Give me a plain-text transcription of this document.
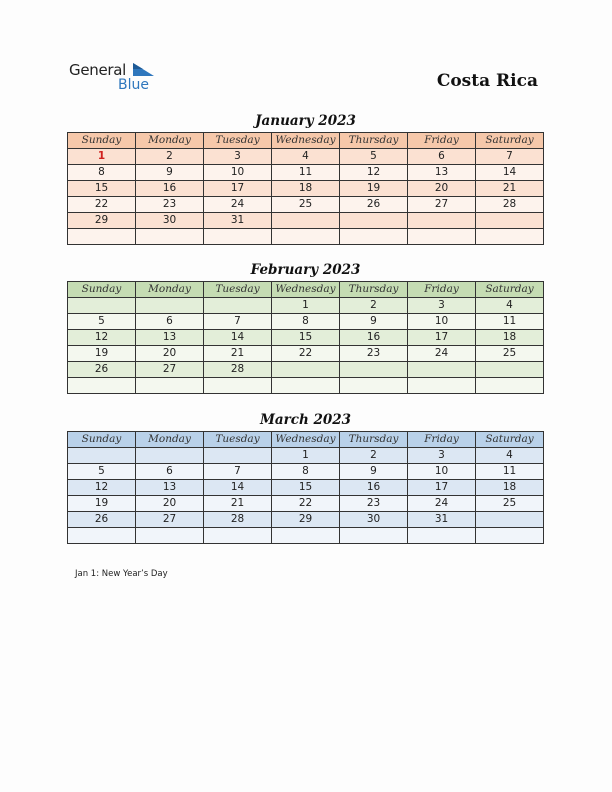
General
Blue	Costa Rica
January 2023
Sunday	Monday	Tuesday	Wednesday	Thursday	Friday	Saturday
1	2	3	4	5	6	7
8	9	10	11	12	13	14
15	16	17	18	19	20	21
22	23	24	25	26	27	28
29	30	31				

February 2023
Sunday	Monday	Tuesday	Wednesday	Thursday	Friday	Saturday
			1	2	3	4
5	6	7	8	9	10	11
12	13	14	15	16	17	18
19	20	21	22	23	24	25
26	27	28				

March 2023
Sunday	Monday	Tuesday	Wednesday	Thursday	Friday	Saturday
			1	2	3	4
5	6	7	8	9	10	11
12	13	14	15	16	17	18
19	20	21	22	23	24	25
26	27	28	29	30	31	

Jan 1: New Year’s Day
